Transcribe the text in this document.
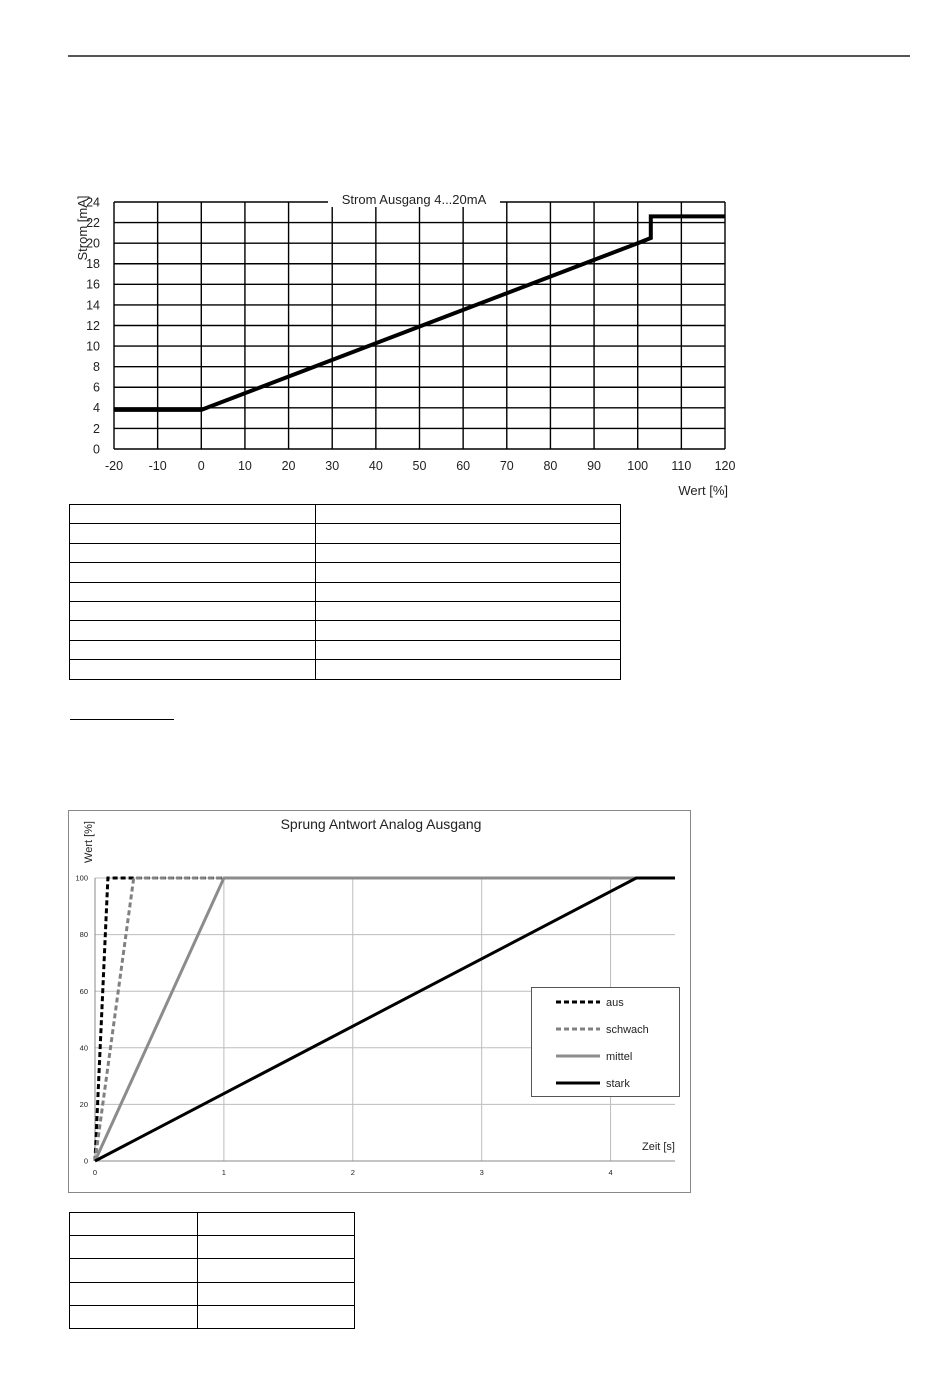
0
2
4
6
8
10
12
14
16
18
20
22
24
-20 -10 0	10 20 30 40 50 60 70 80 90 100 110 120
Strom Ausgang 4...20mA
Strom [mA]
Wert [%]

0
20
40
60
80
100
0	1	2	3	4
Sprung Antwort Analog Ausgang
Wert [%]
Zeit [s]
aus
schwach
mittel
stark
